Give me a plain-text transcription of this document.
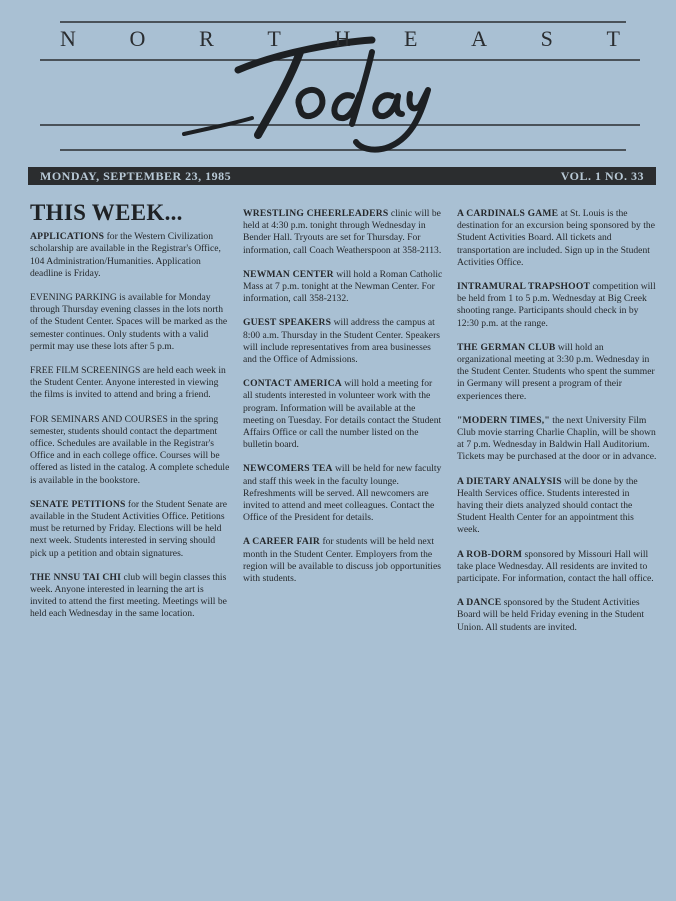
N O R T H E A S T
MONDAY, SEPTEMBER 23, 1985	VOL. 1 NO. 33
THIS WEEK...

APPLICATIONS for the Western Civilization scholarship are available in the Registrar's Office, 104 Administration/Humanities. Application deadline is Friday.

EVENING PARKING is available for Monday through Thursday evening classes in the lots north of the Student Center. Spaces will be marked as the semester continues. Only students with a valid permit may use these lots after 5 p.m.

FREE FILM SCREENINGS are held each week in the Student Center. Anyone interested in viewing the films is invited to attend and bring a friend.

FOR SEMINARS AND COURSES in the spring semester, students should contact the department office. Schedules are available in the Registrar's Office and in each college office. Courses will be offered as listed in the catalog. A complete schedule is available in the bookstore.

SENATE PETITIONS for the Student Senate are available in the Student Activities Office. Petitions must be returned by Friday. Elections will be held next week. Students interested in serving should pick up a petition and obtain signatures.

THE NNSU TAI CHI club will begin classes this week. Anyone interested in learning the art is invited to attend the first meeting. Meetings will be held each Wednesday in the same location.

WRESTLING CHEERLEADERS clinic will be held at 4:30 p.m. tonight through Wednesday in Bender Hall. Tryouts are set for Thursday. For information, call Coach Weatherspoon at 358-2113.

NEWMAN CENTER will hold a Roman Catholic Mass at 7 p.m. tonight at the Newman Center. For information, call 358-2132.

GUEST SPEAKERS will address the campus at 8:00 a.m. Thursday in the Student Center. Speakers will include representatives from area businesses and the Office of Admissions.

CONTACT AMERICA will hold a meeting for all students interested in volunteer work with the program. Information will be available at the meeting on Tuesday. For details contact the Student Affairs Office or call the number listed on the bulletin board.

NEWCOMERS TEA will be held for new faculty and staff this week in the faculty lounge. Refreshments will be served. All newcomers are invited to attend and meet colleagues. Contact the Office of the President for details.

A CAREER FAIR for students will be held next month in the Student Center. Employers from the region will be available to discuss job opportunities with students.

A CARDINALS GAME at St. Louis is the destination for an excursion being sponsored by the Student Activities Board. All tickets and transportation are included. Sign up in the Student Activities Office.

INTRAMURAL TRAPSHOOT competition will be held from 1 to 5 p.m. Wednesday at Big Creek shooting range. Participants should check in by 12:30 p.m. at the range.

THE GERMAN CLUB will hold an organizational meeting at 3:30 p.m. Wednesday in the Student Center. Students who spent the summer in Germany will present a program of their experiences there.

"MODERN TIMES," the next University Film Club movie starring Charlie Chaplin, will be shown at 7 p.m. Wednesday in Baldwin Hall Auditorium. Tickets may be purchased at the door or in advance.

A DIETARY ANALYSIS will be done by the Health Services office. Students interested in having their diets analyzed should contact the Student Health Center for an appointment this week.

A ROB-DORM sponsored by Missouri Hall will take place Wednesday. All residents are invited to participate. For information, contact the hall office.

A DANCE sponsored by the Student Activities Board will be held Friday evening in the Student Union. All students are invited.
